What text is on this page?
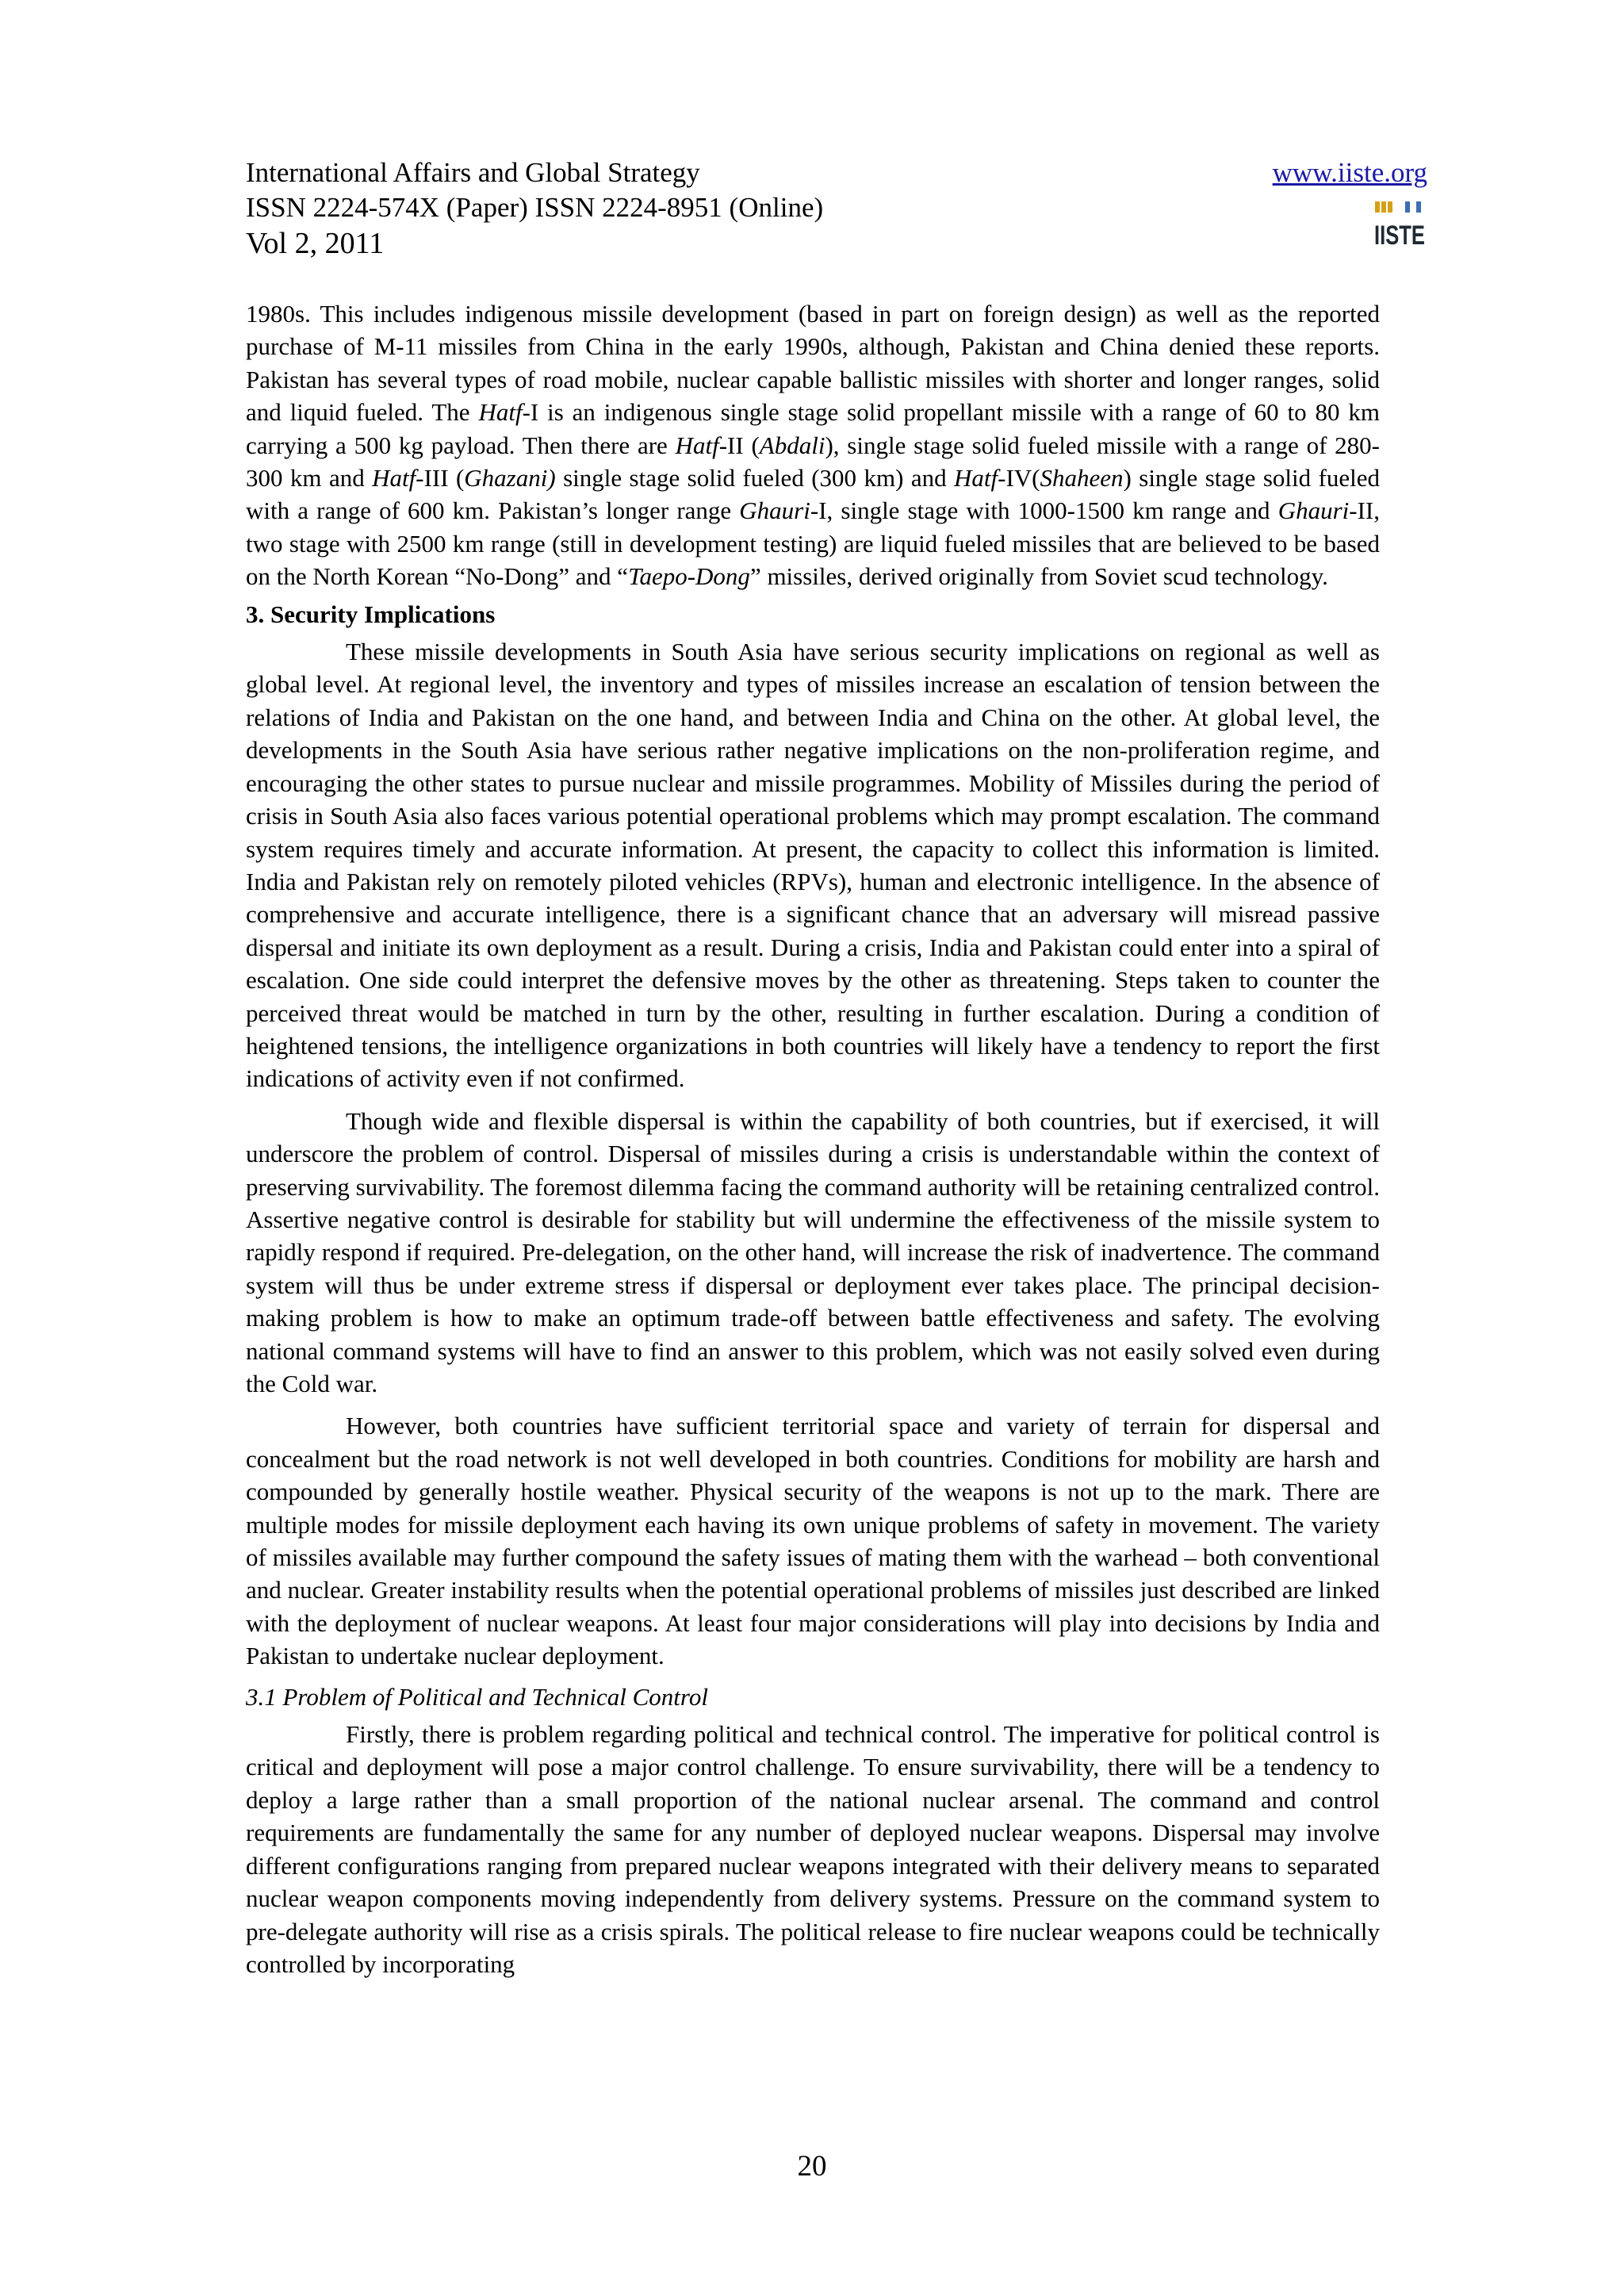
International Affairs and Global Strategy
ISSN 2224-574X (Paper) ISSN 2224-8951 (Online)
Vol 2, 2011
www.iiste.org
IISTE

1980s. This includes indigenous missile development (based in part on foreign design) as well as the reported purchase of M-11 missiles from China in the early 1990s, although, Pakistan and China denied these reports. Pakistan has several types of road mobile, nuclear capable ballistic missiles with shorter and longer ranges, solid and liquid fueled. The Hatf-I is an indigenous single stage solid propellant missile with a range of 60 to 80 km carrying a 500 kg payload. Then there are Hatf-II (Abdali), single stage solid fueled missile with a range of 280-300 km and Hatf-III (Ghazani) single stage solid fueled (300 km) and Hatf-IV(Shaheen) single stage solid fueled with a range of 600 km. Pakistan’s longer range Ghauri-I, single stage with 1000-1500 km range and Ghauri-II, two stage with 2500 km range (still in development testing) are liquid fueled missiles that are believed to be based on the North Korean “No-Dong” and “Taepo-Dong” missiles, derived originally from Soviet scud technology.

3. Security Implications

These missile developments in South Asia have serious security implications on regional as well as global level. At regional level, the inventory and types of missiles increase an escalation of tension between the relations of India and Pakistan on the one hand, and between India and China on the other. At global level, the developments in the South Asia have serious rather negative implications on the non-proliferation regime, and encouraging the other states to pursue nuclear and missile programmes. Mobility of Missiles during the period of crisis in South Asia also faces various potential operational problems which may prompt escalation. The command system requires timely and accurate information. At present, the capacity to collect this information is limited. India and Pakistan rely on remotely piloted vehicles (RPVs), human and electronic intelligence. In the absence of comprehensive and accurate intelligence, there is a significant chance that an adversary will misread passive dispersal and initiate its own deployment as a result. During a crisis, India and Pakistan could enter into a spiral of escalation. One side could interpret the defensive moves by the other as threatening. Steps taken to counter the perceived threat would be matched in turn by the other, resulting in further escalation. During a condition of heightened tensions, the intelligence organizations in both countries will likely have a tendency to report the first indications of activity even if not confirmed.

Though wide and flexible dispersal is within the capability of both countries, but if exercised, it will underscore the problem of control. Dispersal of missiles during a crisis is understandable within the context of preserving survivability. The foremost dilemma facing the command authority will be retaining centralized control. Assertive negative control is desirable for stability but will undermine the effectiveness of the missile system to rapidly respond if required. Pre-delegation, on the other hand, will increase the risk of inadvertence. The command system will thus be under extreme stress if dispersal or deployment ever takes place. The principal decision-making problem is how to make an optimum trade-off between battle effectiveness and safety. The evolving national command systems will have to find an answer to this problem, which was not easily solved even during the Cold war.

However, both countries have sufficient territorial space and variety of terrain for dispersal and concealment but the road network is not well developed in both countries. Conditions for mobility are harsh and compounded by generally hostile weather. Physical security of the weapons is not up to the mark. There are multiple modes for missile deployment each having its own unique problems of safety in movement. The variety of missiles available may further compound the safety issues of mating them with the warhead – both conventional and nuclear. Greater instability results when the potential operational problems of missiles just described are linked with the deployment of nuclear weapons. At least four major considerations will play into decisions by India and Pakistan to undertake nuclear deployment.

3.1 Problem of Political and Technical Control

Firstly, there is problem regarding political and technical control. The imperative for political control is critical and deployment will pose a major control challenge. To ensure survivability, there will be a tendency to deploy a large rather than a small proportion of the national nuclear arsenal. The command and control requirements are fundamentally the same for any number of deployed nuclear weapons. Dispersal may involve different configurations ranging from prepared nuclear weapons integrated with their delivery means to separated nuclear weapon components moving independently from delivery systems. Pressure on the command system to pre-delegate authority will rise as a crisis spirals. The political release to fire nuclear weapons could be technically controlled by incorporating

20
